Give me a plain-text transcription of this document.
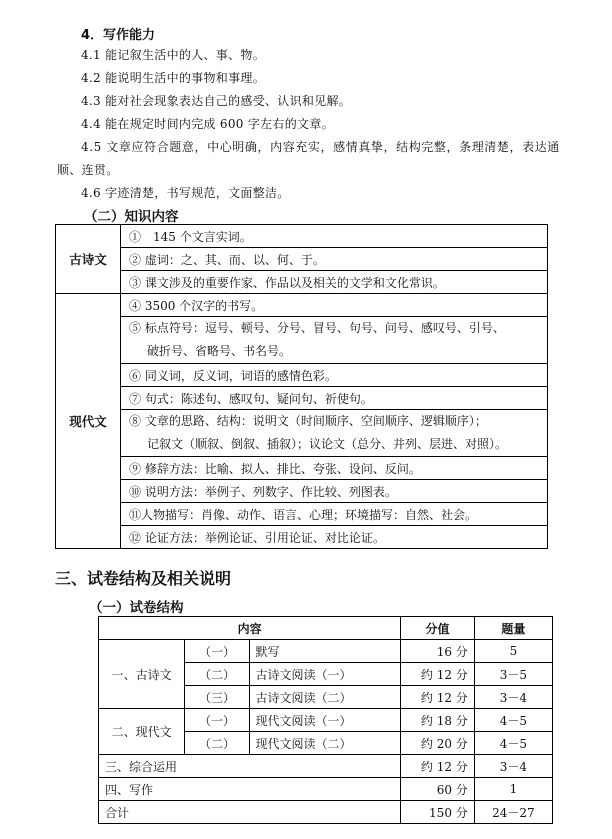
4．写作能力
4.1 能记叙生活中的人、事、物。
4.2 能说明生活中的事物和事理。
4.3 能对社会现象表达自己的感受、认识和见解。
4.4 能在规定时间内完成 600 字左右的文章。
4.5 文章应符合题意，中心明确，内容充实，感情真挚，结构完整，条理清楚，表达通
顺、连贯。
4.6 字迹清楚，书写规范，文面整洁。
（二）知识内容
古诗文	①　145 个文言实词。
	② 虚词：之、其、而、以、何、于。
	③ 课文涉及的重要作家、作品以及相关的文学和文化常识。
现代文	④ 3500 个汉字的书写。

	⑤ 标点符号：逗号、顿号、分号、冒号、句号、问号、感叹号、引号、
破折号、省略号、书名号。

	⑥ 同义词，反义词，词语的感情色彩。
	⑦ 句式：陈述句、感叹句、疑问句、祈使句。

	⑧ 文章的思路、结构：说明文（时间顺序、空间顺序、逻辑顺序）；
记叙文（顺叙、倒叙、插叙）；议论文（总分、并列、层进、对照）。

	⑨ 修辞方法：比喻、拟人、排比、夸张、设问、反问。
	⑩ 说明方法：举例子、列数字、作比较、列图表。
	⑪人物描写：肖像、动作、语言、心理；环境描写：自然、社会。
	⑫ 论证方法：举例论证、引用论证、对比论证。
三、试卷结构及相关说明
（一）试卷结构
内容			分值	题量
一、古诗文	（一）	默写	16 分	5
	（二）	古诗文阅读（一）	约 12 分	3－5
	（三）	古诗文阅读（二）	约 12 分	3－4
二、现代文	（一）	现代文阅读（一）	约 18 分	4－5
	（二）	现代文阅读（二）	约 20 分	4－5
三、综合运用			约 12 分	3－4
四、写作			60 分	1
合计			150 分	24－27
